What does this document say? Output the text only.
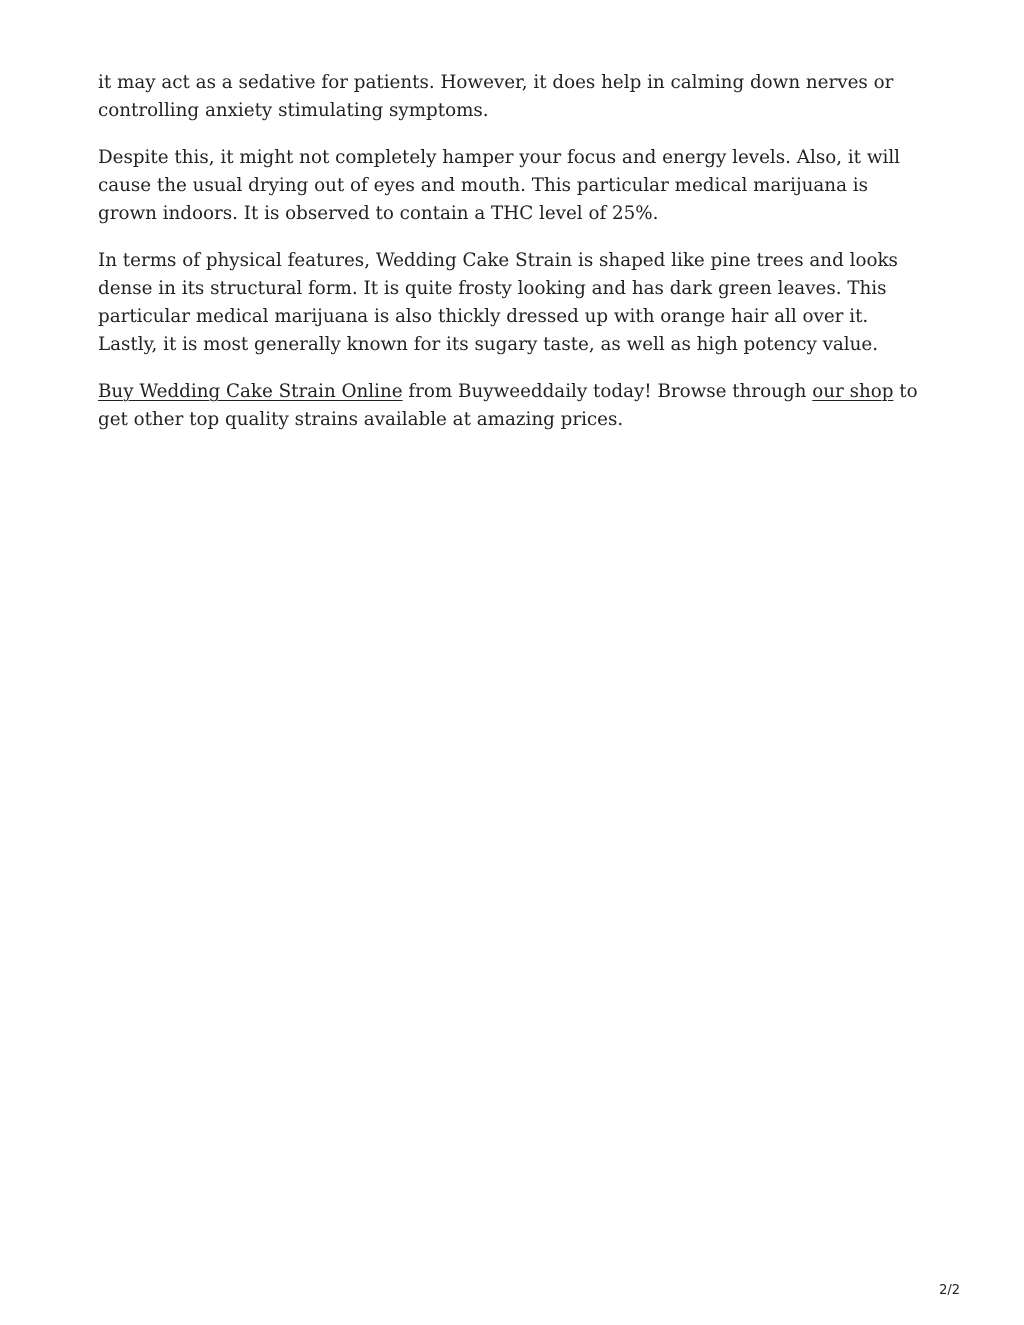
it may act as a sedative for patients. However, it does help in calming down nerves or controlling anxiety stimulating symptoms.

Despite this, it might not completely hamper your focus and energy levels. Also, it will cause the usual drying out of eyes and mouth. This particular medical marijuana is grown indoors. It is observed to contain a THC level of 25%.

In terms of physical features, Wedding Cake Strain is shaped like pine trees and looks dense in its structural form. It is quite frosty looking and has dark green leaves. This particular medical marijuana is also thickly dressed up with orange hair all over it. Lastly, it is most generally known for its sugary taste, as well as high potency value.

Buy Wedding Cake Strain Online from Buyweeddaily today! Browse through our shop to get other top quality strains available at amazing prices.

2/2
